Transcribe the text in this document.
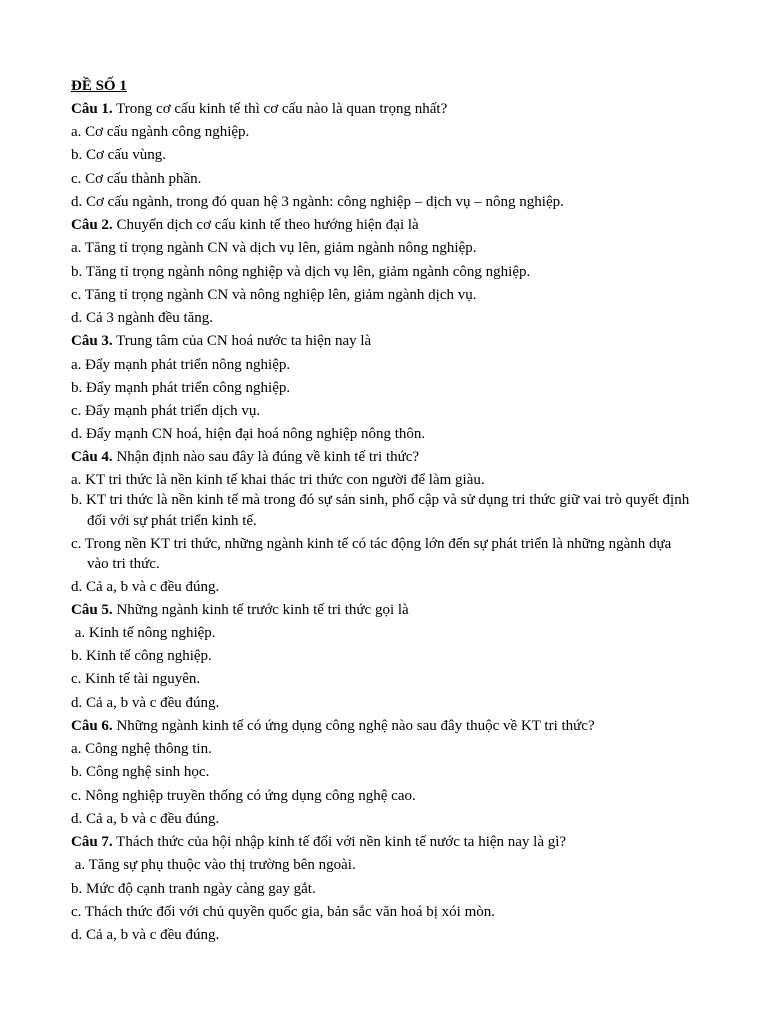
ĐỀ SỐ 1
Câu 1. Trong cơ cấu kinh tế thì cơ cấu nào là quan trọng nhất?
a. Cơ cấu ngành công nghiệp.
b. Cơ cấu vùng.
c. Cơ cấu thành phần.
d. Cơ cấu ngành, trong đó quan hệ 3 ngành: công nghiệp – dịch vụ – nông nghiệp.
Câu 2. Chuyển dịch cơ cấu kinh tế theo hướng hiện đại là
a. Tăng tỉ trọng ngành CN và dịch vụ lên, giảm ngành nông nghiệp.
b. Tăng tỉ trọng ngành nông nghiệp và dịch vụ lên, giảm ngành công nghiệp.
c. Tăng tỉ trọng ngành CN và nông nghiệp lên, giảm ngành dịch vụ.
d. Cả 3 ngành đều tăng.
Câu 3. Trung tâm của CN hoá nước ta hiện nay là
a. Đẩy mạnh phát triển nông nghiệp.
b. Đẩy mạnh phát triển công nghiệp.
c. Đẩy mạnh phát triển dịch vụ.
d. Đẩy mạnh CN hoá, hiện đại hoá nông nghiệp nông thôn.
Câu 4. Nhận định nào sau đây là đúng về kinh tế tri thức?
a. KT tri thức là nền kinh tế khai thác tri thức con người để làm giàu.
b. KT tri thức là nền kinh tế mà trong đó sự sản sinh, phổ cập và sử dụng tri thức giữ vai trò quyết định
đối với sự phát triển kinh tế.
c. Trong nền KT tri thức, những ngành kinh tế có tác động lớn đến sự phát triển là những ngành dựa
vào tri thức.
d. Cả a, b và c đều đúng.
Câu 5. Những ngành kinh tế trước kinh tế tri thức gọi là
a. Kinh tế nông nghiệp.
b. Kinh tế công nghiệp.
c. Kinh tế tài nguyên.
d. Cả a, b và c đều đúng.
Câu 6. Những ngành kinh tế có ứng dụng công nghệ nào sau đây thuộc về KT tri thức?
a. Công nghệ thông tin.
b. Công nghệ sinh học.
c. Nông nghiệp truyền thống có ứng dụng công nghệ cao.
d. Cả a, b và c đều đúng.
Câu 7. Thách thức của hội nhập kinh tế đối với nền kinh tế nước ta hiện nay là gì?
a. Tăng sự phụ thuộc vào thị trường bên ngoài.
b. Mức độ cạnh tranh ngày càng gay gắt.
c. Thách thức đối với chủ quyền quốc gia, bản sắc văn hoá bị xói mòn.
d. Cả a, b và c đều đúng.
